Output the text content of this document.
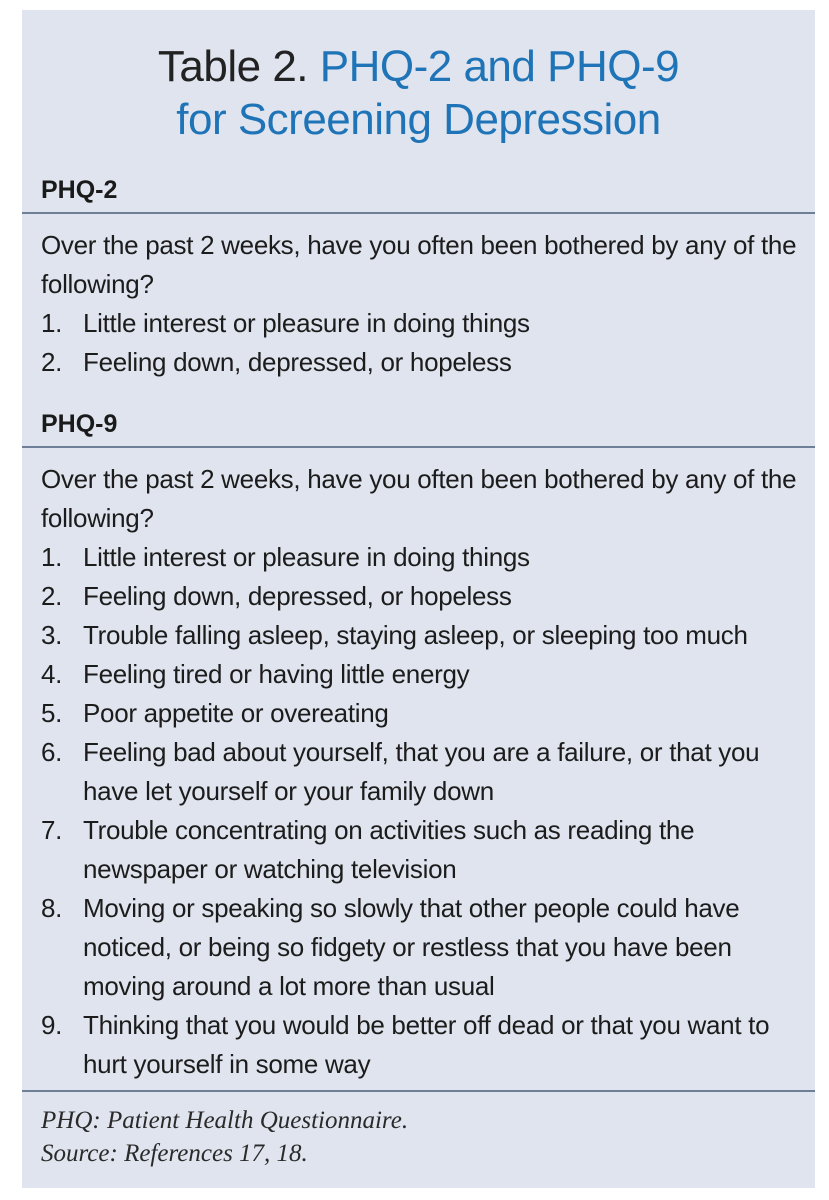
Table 2. PHQ-2 and PHQ-9
for Screening Depression
PHQ-2

Over the past 2 weeks, have you often been bothered by any of the following?

1. Little interest or pleasure in doing things
2. Feeling down, depressed, or hopeless
PHQ-9

Over the past 2 weeks, have you often been bothered by any of the following?

1. Little interest or pleasure in doing things
2. Feeling down, depressed, or hopeless
3. Trouble falling asleep, staying asleep, or sleeping too much
4. Feeling tired or having little energy
5. Poor appetite or overeating
6. Feeling bad about yourself, that you are a failure, or that you have let yourself or your family down
7. Trouble concentrating on activities such as reading the newspaper or watching television
8. Moving or speaking so slowly that other people could have noticed, or being so fidgety or restless that you have been moving around a lot more than usual
9. Thinking that you would be better off dead or that you want to hurt yourself in some way
PHQ: Patient Health Questionnaire.
Source: References 17, 18.
